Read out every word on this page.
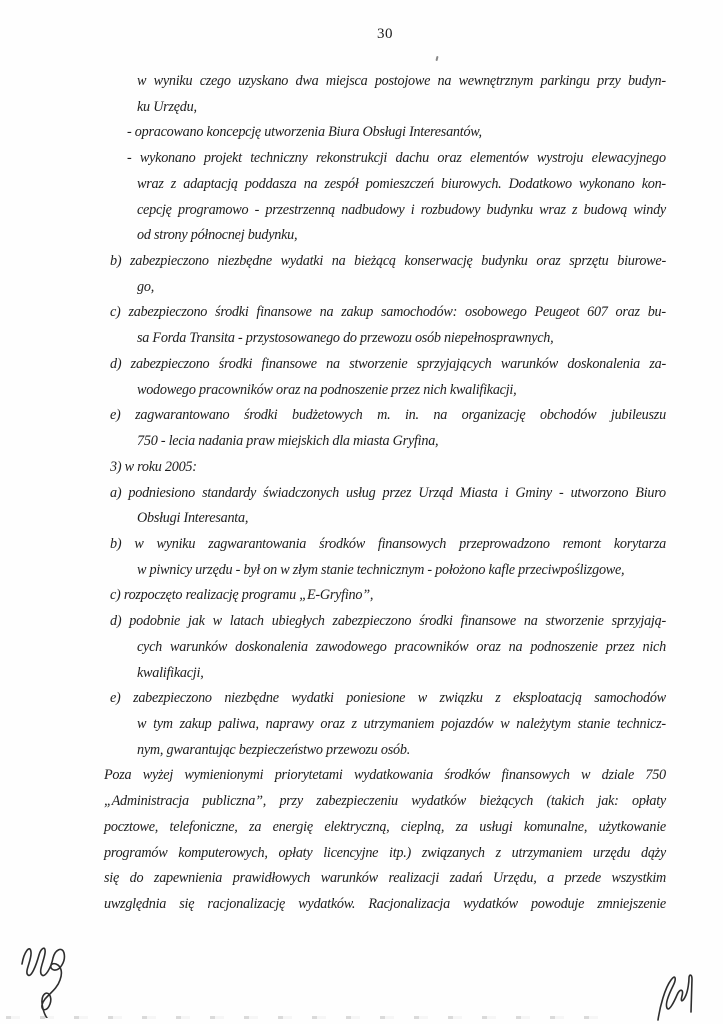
30
w wyniku czego uzyskano dwa miejsca postojowe na wewnętrznym parkingu przy budyn-
ku Urzędu,
- opracowano koncepcję utworzenia Biura Obsługi Interesantów,
- wykonano projekt techniczny rekonstrukcji dachu oraz elementów wystroju elewacyjnego
wraz z adaptacją poddasza na zespół pomieszczeń biurowych. Dodatkowo wykonano kon-
cepcję programowo - przestrzenną nadbudowy i rozbudowy budynku wraz z budową windy
od strony północnej budynku,
b) zabezpieczono niezbędne wydatki na bieżącą konserwację budynku oraz sprzętu biurowe-
go,
c) zabezpieczono środki finansowe na zakup samochodów: osobowego Peugeot 607 oraz bu-
sa Forda Transita - przystosowanego do przewozu osób niepełnosprawnych,
d) zabezpieczono środki finansowe na stworzenie sprzyjających warunków doskonalenia za-
wodowego pracowników oraz na podnoszenie przez nich kwalifikacji,
e) zagwarantowano środki budżetowych m. in. na organizację obchodów jubileuszu
750 - lecia nadania praw miejskich dla miasta Gryfina,
3) w roku 2005:
a) podniesiono standardy świadczonych usług przez Urząd Miasta i Gminy - utworzono Biuro
Obsługi Interesanta,
b) w wyniku zagwarantowania środków finansowych przeprowadzono remont korytarza
w piwnicy urzędu - był on w złym stanie technicznym - położono kafle przeciwpoślizgowe,
c) rozpoczęto realizację programu „E-Gryfino”,
d) podobnie jak w latach ubiegłych zabezpieczono środki finansowe na stworzenie sprzyjają-
cych warunków doskonalenia zawodowego pracowników oraz na podnoszenie przez nich
kwalifikacji,
e) zabezpieczono niezbędne wydatki poniesione w związku z eksploatacją samochodów
w tym zakup paliwa, naprawy oraz z utrzymaniem pojazdów w należytym stanie technicz-
nym, gwarantując bezpieczeństwo przewozu osób.
Poza wyżej wymienionymi priorytetami wydatkowania środków finansowych w dziale 750
„Administracja publiczna”, przy zabezpieczeniu wydatków bieżących (takich jak: opłaty
pocztowe, telefoniczne, za energię elektryczną, cieplną, za usługi komunalne, użytkowanie
programów komputerowych, opłaty licencyjne itp.) związanych z utrzymaniem urzędu dąży
się do zapewnienia prawidłowych warunków realizacji zadań Urzędu, a przede wszystkim
uwzględnia się racjonalizację wydatków. Racjonalizacja wydatków powoduje zmniejszenie
